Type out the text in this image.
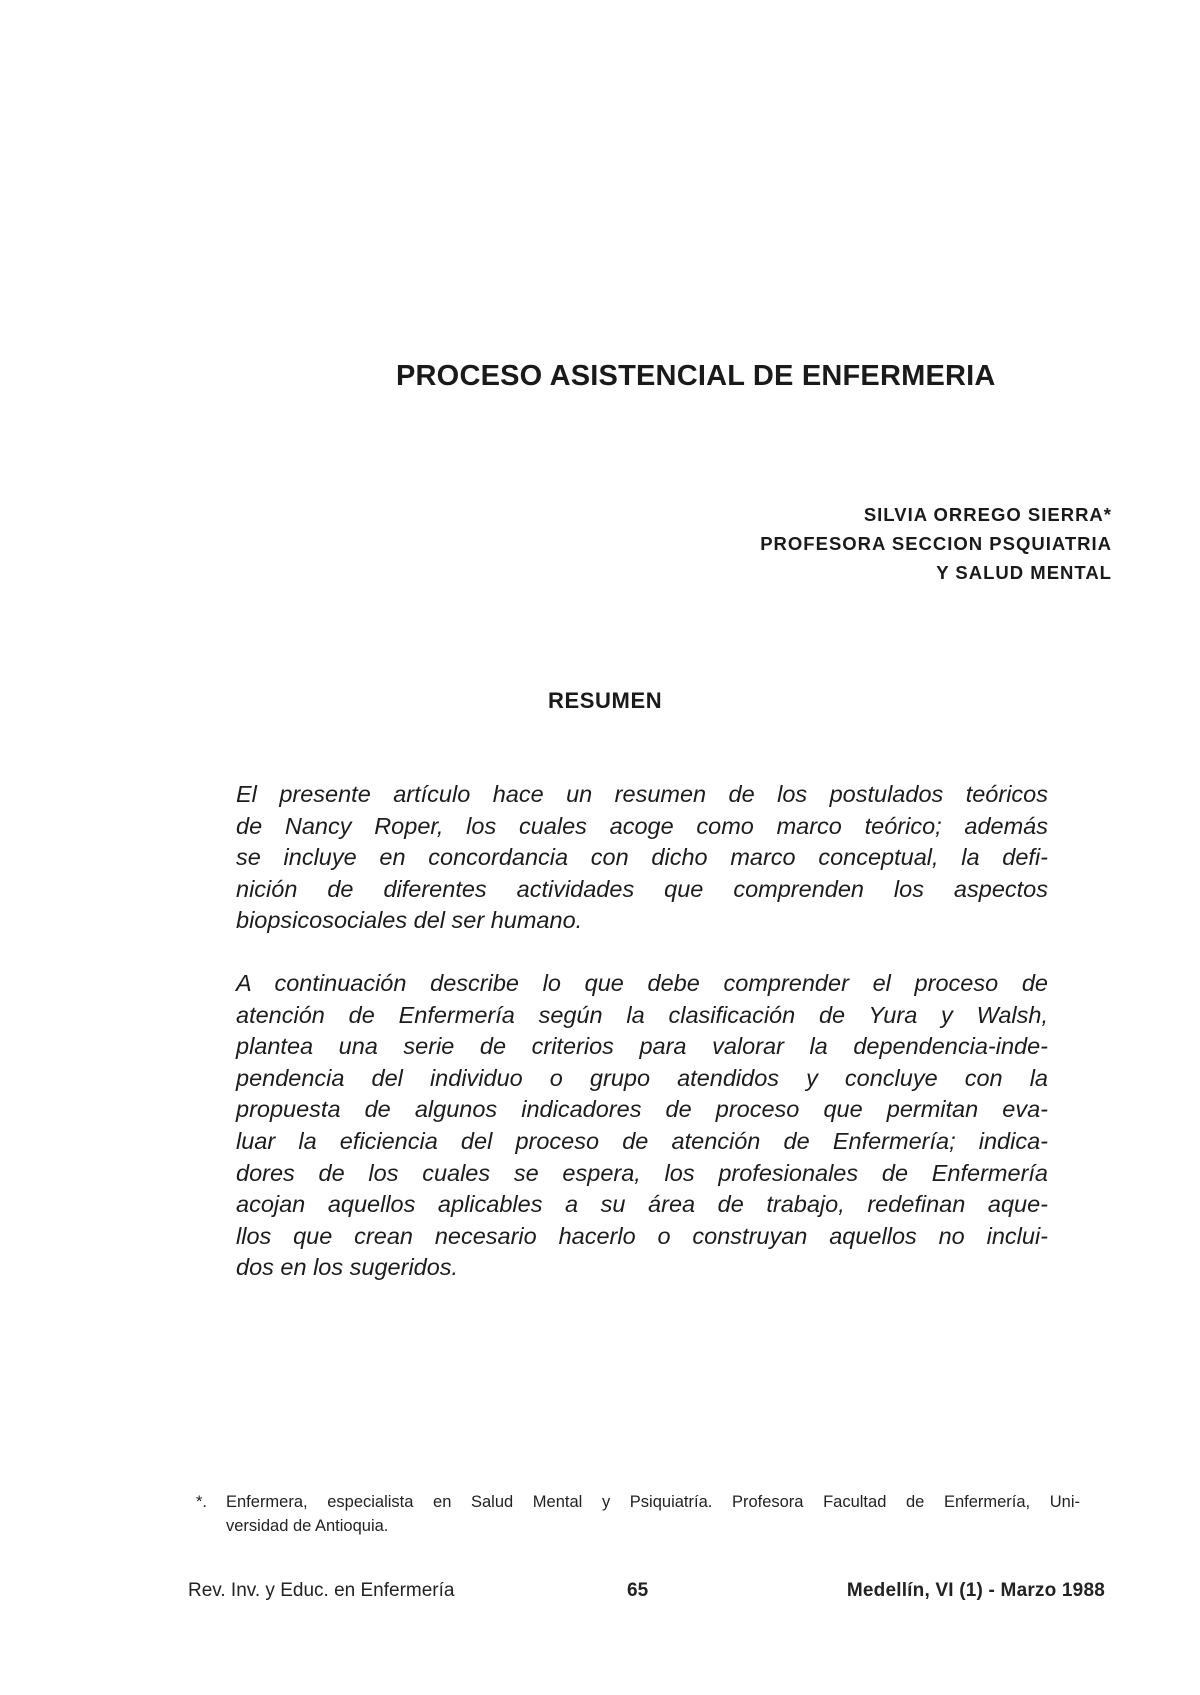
PROCESO ASISTENCIAL DE ENFERMERIA
SILVIA ORREGO SIERRA*
PROFESORA SECCION PSQUIATRIA
Y SALUD MENTAL
RESUMEN
El presente artículo hace un resumen de los postulados teóricos
de Nancy Roper, los cuales acoge como marco teórico; además
se incluye en concordancia con dicho marco conceptual, la defi-
nición de diferentes actividades que comprenden los aspectos
biopsicosociales del ser humano.
A continuación describe lo que debe comprender el proceso de
atención de Enfermería según la clasificación de Yura y Walsh,
plantea una serie de criterios para valorar la dependencia-inde-
pendencia del individuo o grupo atendidos y concluye con la
propuesta de algunos indicadores de proceso que permitan eva-
luar la eficiencia del proceso de atención de Enfermería; indica-
dores de los cuales se espera, los profesionales de Enfermería
acojan aquellos aplicables a su área de trabajo, redefinan aque-
llos que crean necesario hacerlo o construyan aquellos no inclui-
dos en los sugeridos.
*. Enfermera, especialista en Salud Mental y Psiquiatría. Profesora Facultad de Enfermería, Uni-
versidad de Antioquia.
Rev. Inv. y Educ. en Enfermería	65	Medellín, VI (1) - Marzo 1988
